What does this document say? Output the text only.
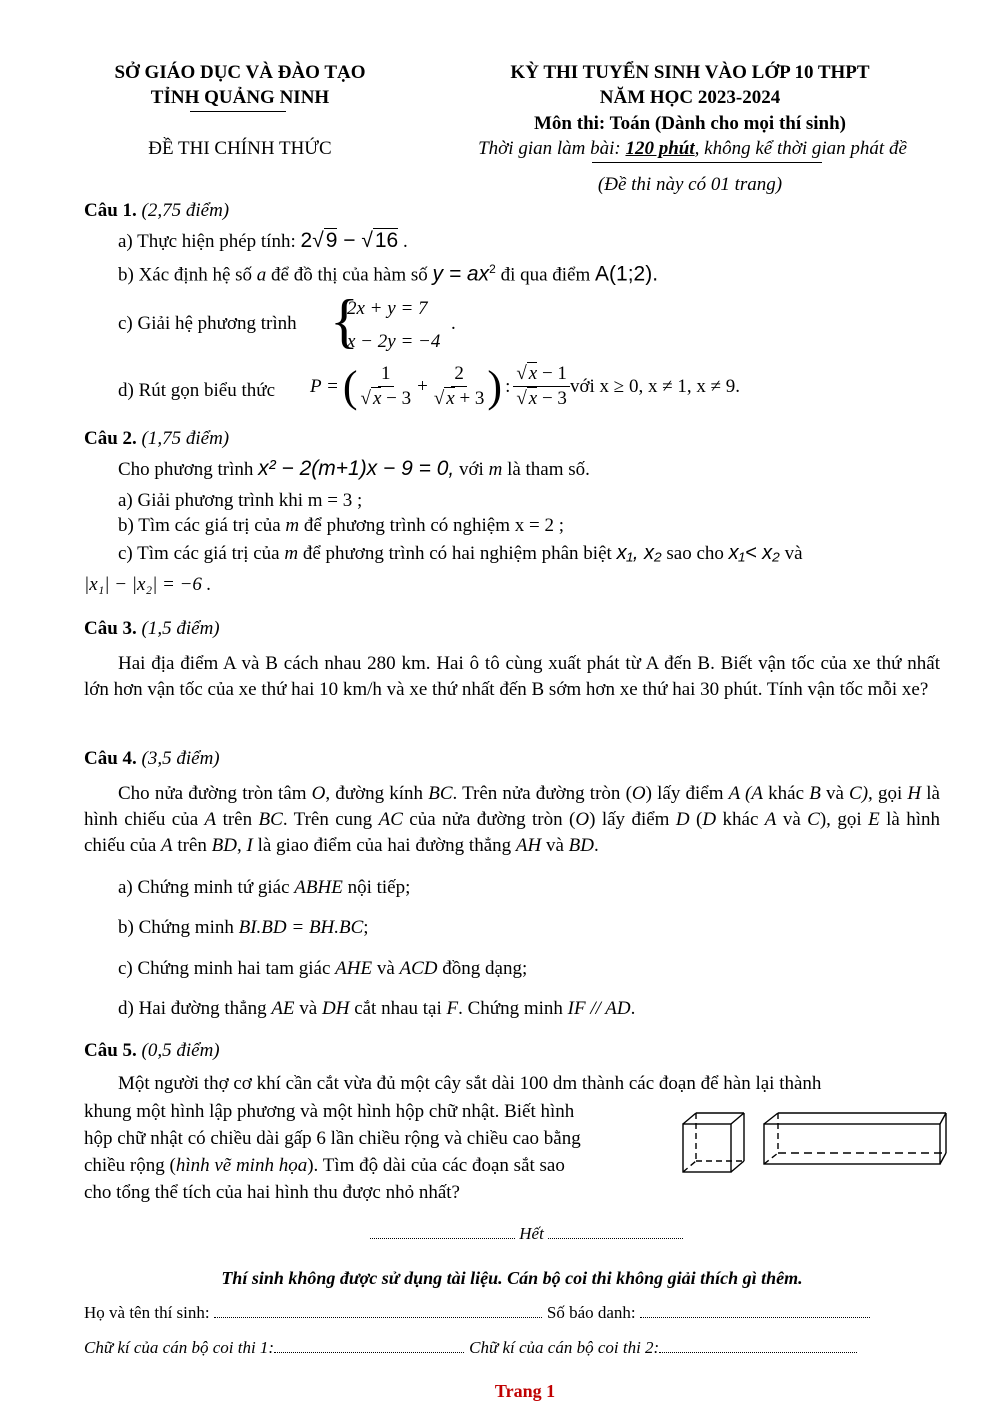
SỞ GIÁO DỤC VÀ ĐÀO TẠO
TỈNH QUẢNG NINH
ĐỀ THI CHÍNH THỨC
KỲ THI TUYỂN SINH VÀO LỚP 10 THPT
NĂM HỌC 2023-2024
Môn thi: Toán (Dành cho mọi thí sinh)
Thời gian làm bài: 120 phút, không kể thời gian phát đề
(Đề thi này có 01 trang)
Câu 1. (2,75 điểm)
a) Thực hiện phép tính: 2√9 − √16 .
b) Xác định hệ số a để đồ thị của hàm số $y = ax^2$ đi qua điểm A(1;2).
c) Giải hệ phương trình {
2x + y = 7
x − 2y = −4
.
d) Rút gọn biểu thức P = ( $\frac{1}{√ x - 3} + \frac{2}{√ x + 3}$ ) : $\frac{√ x - 1}{√ x - 3}$ với x ≥ 0, x ≠ 1, x ≠ 9.
Câu 2. (1,75 điểm)
Cho phương trình x² − 2(m+1)x − 9 = 0, với m là tham số.
a) Giải phương trình khi m = 3 ;
b) Tìm các giá trị của m để phương trình có nghiệm x = 2 ;
c) Tìm các giá trị của m để phương trình có hai nghiệm phân biệt x₁, x₂ sao cho x₁< x₂ và
|x₁| − |x₂| = −6 .
Câu 3. (1,5 điểm)
Hai địa điểm A và B cách nhau 280 km. Hai ô tô cùng xuất phát từ A đến B. Biết vận tốc của xe thứ nhất lớn hơn vận tốc của xe thứ hai 10 km/h và xe thứ nhất đến B sớm hơn xe thứ hai 30 phút. Tính vận tốc mỗi xe?
Câu 4. (3,5 điểm)
Cho nửa đường tròn tâm O, đường kính BC. Trên nửa đường tròn (O) lấy điểm A (A khác B và C), gọi H là hình chiếu của A trên BC. Trên cung AC của nửa đường tròn (O) lấy điểm D (D khác A và C), gọi E là hình chiếu của A trên BD, I là giao điểm của hai đường thẳng AH và BD.
a) Chứng minh tứ giác ABHE nội tiếp;
b) Chứng minh BI.BD = BH.BC;
c) Chứng minh hai tam giác AHE và ACD đồng dạng;
d) Hai đường thẳng AE và DH cắt nhau tại F. Chứng minh IF // AD.
Câu 5. (0,5 điểm)
Một người thợ cơ khí cần cắt vừa đủ một cây sắt dài 100 dm thành các đoạn để hàn lại thành
khung một hình lập phương và một hình hộp chữ nhật. Biết hình
hộp chữ nhật có chiều dài gấp 6 lần chiều rộng và chiều cao bằng
chiều rộng (hình vẽ minh họa). Tìm độ dài của các đoạn sắt sao
cho tổng thể tích của hai hình thu được nhỏ nhất?
Hết
Thí sinh không được sử dụng tài liệu. Cán bộ coi thi không giải thích gì thêm.
Họ và tên thí sinh:	Số báo danh:
Chữ kí của cán bộ coi thi 1:	Chữ kí của cán bộ coi thi 2:
Trang 1
